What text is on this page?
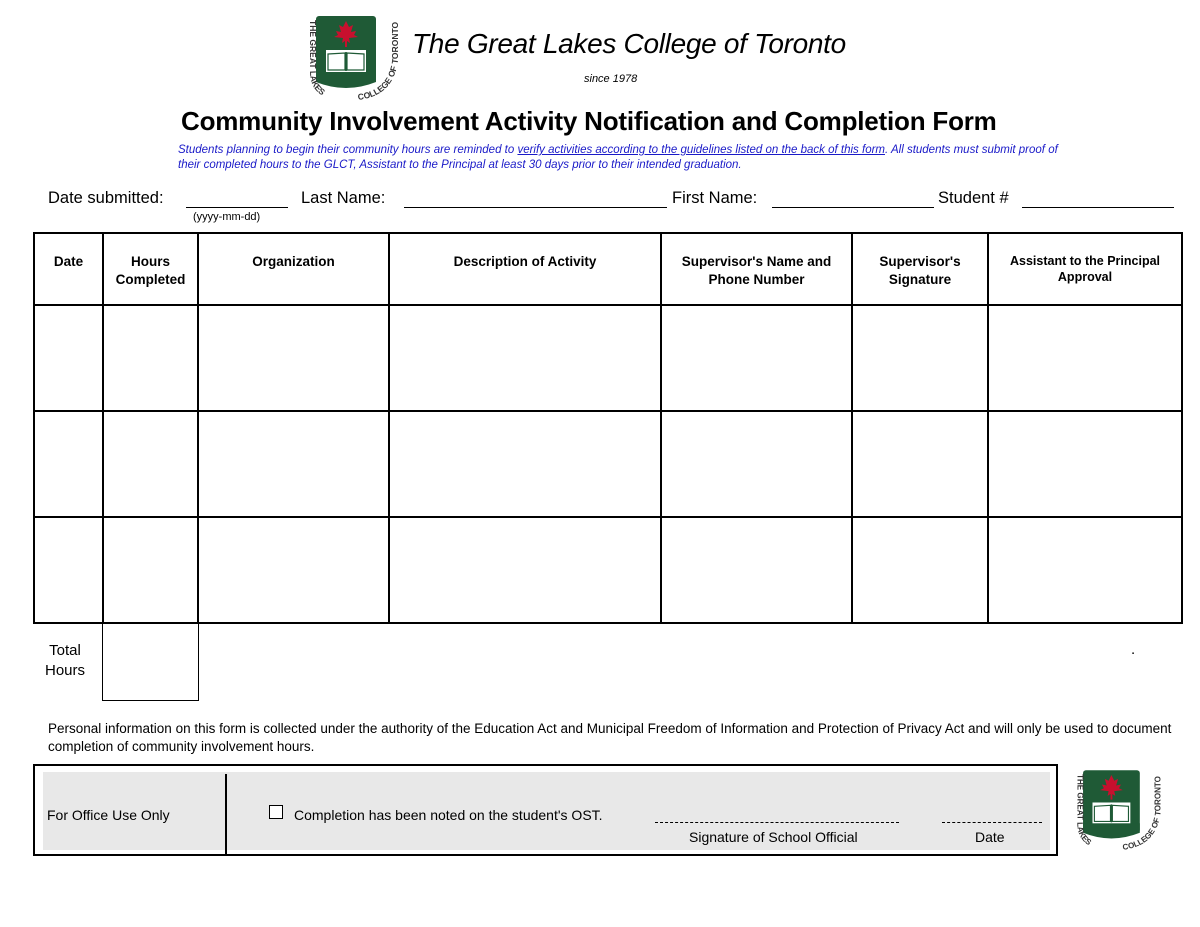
THE GREAT LAKES	COLLEGE OF TORONTO
The Great Lakes College of Toronto
since 1978
Community Involvement Activity Notification and Completion Form
Students planning to begin their community hours are reminded to verify activities according to the guidelines listed on the back of this form. All students must submit proof of their completed hours to the GLCT, Assistant to the Principal at least 30 days prior to their intended graduation.
Date submitted:	Last Name:	First Name:	Student #
(yyyy-mm-dd)
Date	Hours Completed	Organization	Description of Activity	Supervisor's Name and Phone Number	Supervisor's Signature	Assistant to the Principal Approval

Total
Hours
.
Personal information on this form is collected under the authority of the Education Act and Municipal Freedom of Information and Protection of Privacy Act and will only be used to document completion of community involvement hours.
For Office Use Only	Completion has been noted on the student's OST.
Signature of School Official	Date
THE GREAT LAKES	COLLEGE OF TORONTO
